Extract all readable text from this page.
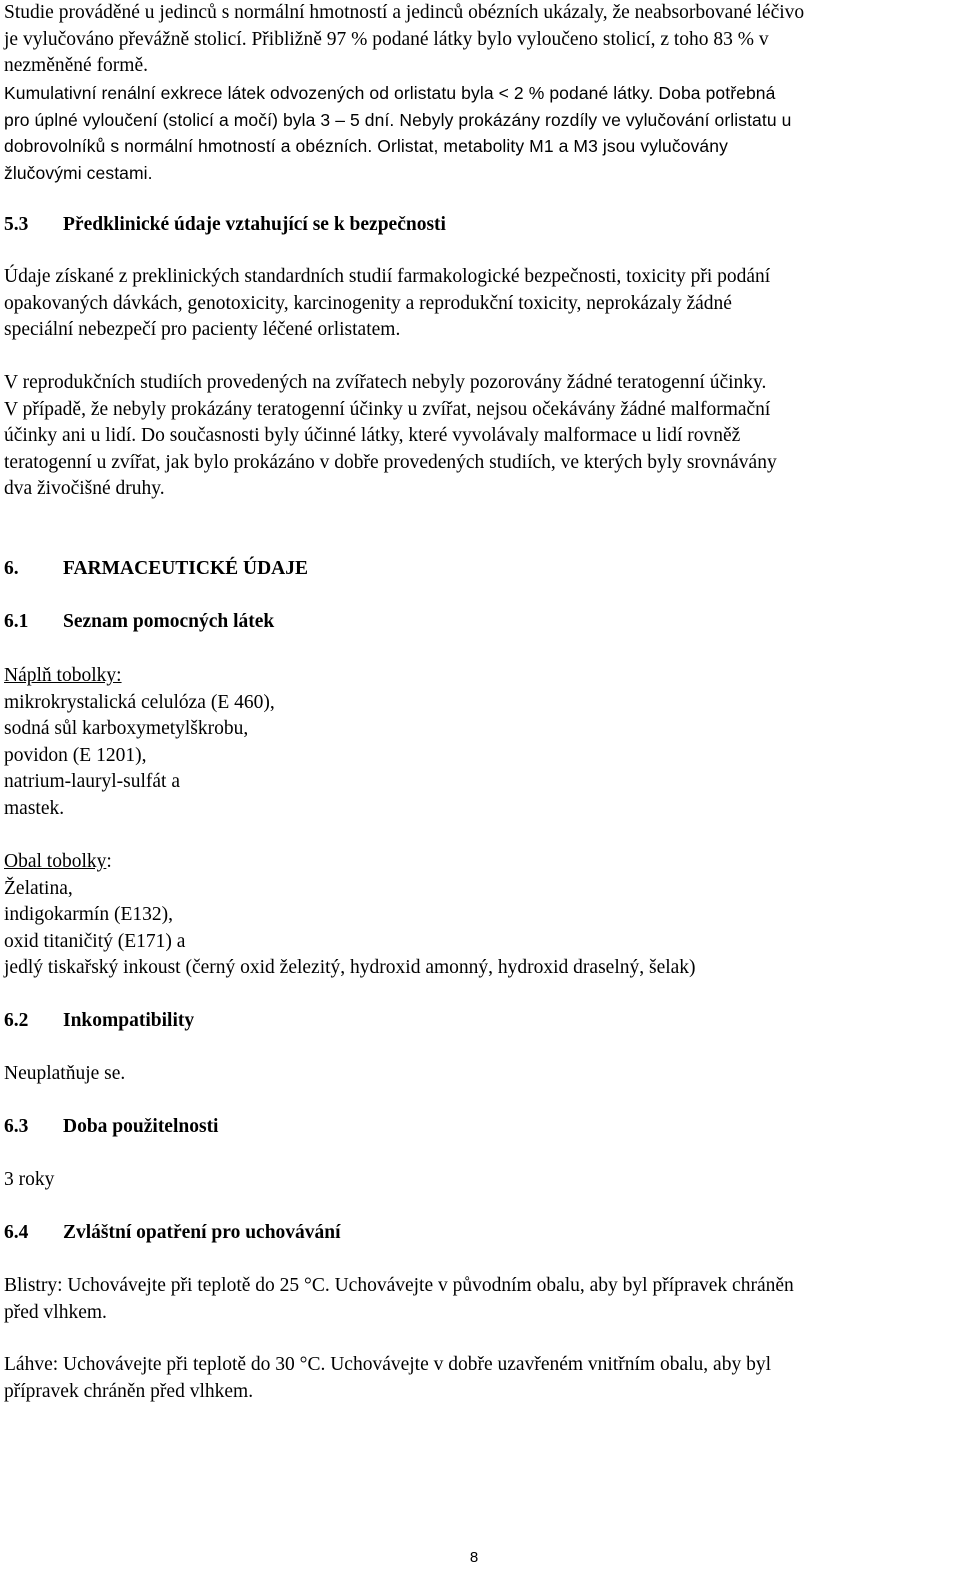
Studie prováděné u jedinců s normální hmotností a jedinců obézních ukázaly, že neabsorbované léčivo
je vylučováno převážně stolicí. Přibližně 97 % podané látky bylo vyloučeno stolicí, z toho 83 % v
nezměněné formě.
Kumulativní renální exkrece látek odvozených od orlistatu byla < 2 % podané látky. Doba potřebná
pro úplné vyloučení (stolicí a močí) byla 3 – 5 dní. Nebyly prokázány rozdíly ve vylučování orlistatu u
dobrovolníků s normální hmotností a obézních. Orlistat, metabolity M1 a M3 jsou vylučovány
žlučovými cestami.
5.3 Předklinické údaje vztahující se k bezpečnosti
Údaje získané z preklinických standardních studií farmakologické bezpečnosti, toxicity při podání
opakovaných dávkách, genotoxicity, karcinogenity a reprodukční toxicity, neprokázaly žádné
speciální nebezpečí pro pacienty léčené orlistatem.
V reprodukčních studiích provedených na zvířatech nebyly pozorovány žádné teratogenní účinky.
V případě, že nebyly prokázány teratogenní účinky u zvířat, nejsou očekávány žádné malformační
účinky ani u lidí. Do současnosti byly účinné látky, které vyvolávaly malformace u lidí rovněž
teratogenní u zvířat, jak bylo prokázáno v dobře provedených studiích, ve kterých byly srovnávány
dva živočišné druhy.
6. FARMACEUTICKÉ ÚDAJE
6.1 Seznam pomocných látek
Náplň tobolky:
mikrokrystalická celulóza (E 460),
sodná sůl karboxymetylškrobu,
povidon (E 1201),
natrium-lauryl-sulfát a
mastek.
Obal tobolky:
Želatina,
indigokarmín (E132),
oxid titaničitý (E171) a
jedlý tiskařský inkoust (černý oxid železitý, hydroxid amonný, hydroxid draselný, šelak)
6.2 Inkompatibility
Neuplatňuje se.
6.3 Doba použitelnosti
3 roky
6.4 Zvláštní opatření pro uchovávání
Blistry: Uchovávejte při teplotě do 25 °C. Uchovávejte v původním obalu, aby byl přípravek chráněn
před vlhkem.
Láhve: Uchovávejte při teplotě do 30 °C. Uchovávejte v dobře uzavřeném vnitřním obalu, aby byl
přípravek chráněn před vlhkem.
8
